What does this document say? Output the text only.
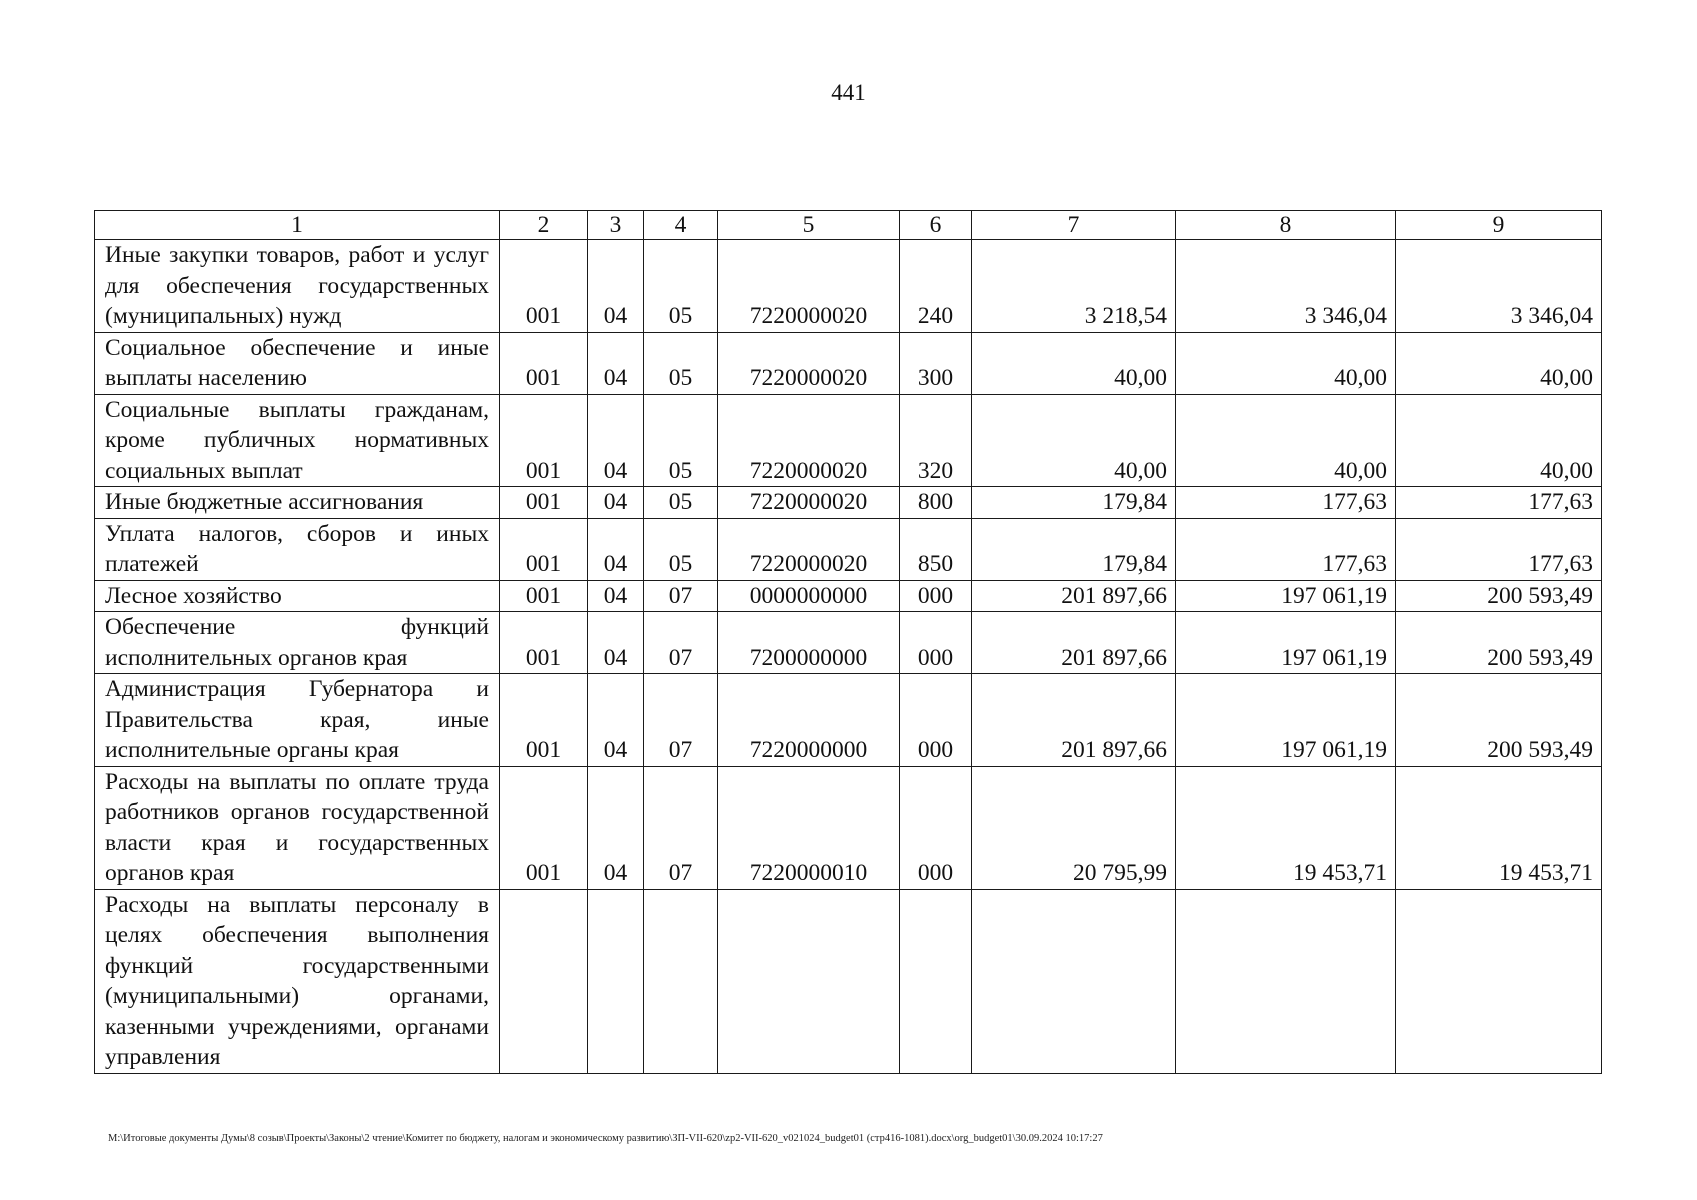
441
1	2	3	4	5	6	7	8	9
Иные закупки товаров, работ и услуг для обеспечения государственных (муниципальных) нужд	001	04	05	7220000020	240	3 218,54	3 346,04	3 346,04
Социальное обеспечение и иные выплаты населению	001	04	05	7220000020	300	40,00	40,00	40,00
Социальные выплаты гражданам, кроме публичных нормативных социальных выплат	001	04	05	7220000020	320	40,00	40,00	40,00
Иные бюджетные ассигнования	001	04	05	7220000020	800	179,84	177,63	177,63
Уплата налогов, сборов и иных платежей	001	04	05	7220000020	850	179,84	177,63	177,63
Лесное хозяйство	001	04	07	0000000000	000	201 897,66	197 061,19	200 593,49
Обеспечение функций исполнительных органов края	001	04	07	7200000000	000	201 897,66	197 061,19	200 593,49
Администрация Губернатора и Правительства края, иные исполнительные органы края	001	04	07	7220000000	000	201 897,66	197 061,19	200 593,49
Расходы на выплаты по оплате труда работников органов государственной власти края и государственных органов края	001	04	07	7220000010	000	20 795,99	19 453,71	19 453,71
Расходы на выплаты персоналу в целях обеспечения выполнения функций государственными (муниципальными) органами, казенными учреждениями, органами управления								
M:\Итоговые документы Думы\8 созыв\Проекты\Законы\2 чтение\Комитет по бюджету, налогам и экономическому развитию\ЗП-VII-620\zp2-VII-620_v021024_budget01 (стр416-1081).docx\org_budget01\30.09.2024 10:17:27
